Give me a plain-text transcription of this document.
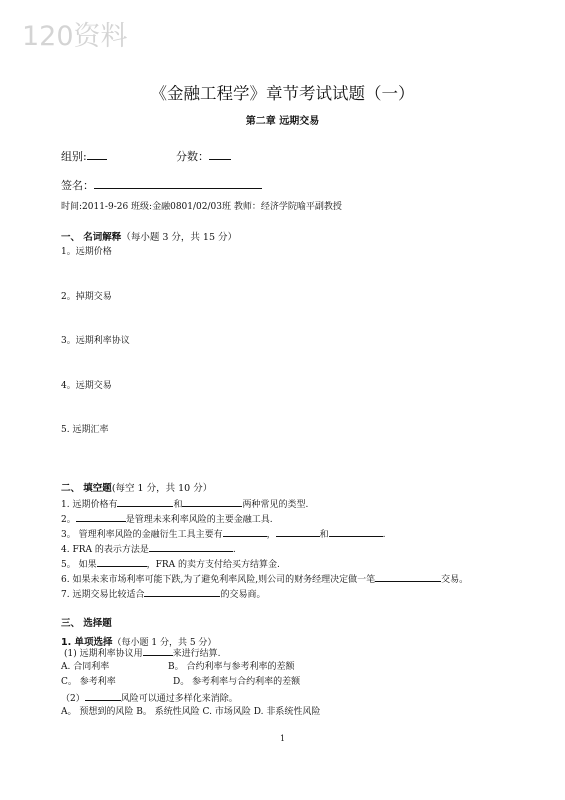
120资料
《金融工程学》章节考试试题（一）
第二章 远期交易
组别:	分数：
签名：
时间:2011-9-26 班级:金融0801/02/03班 教师：经济学院喻平副教授
一、 名词解释（每小题 3 分，共 15 分）
1。远期价格
2。掉期交易
3。远期利率协议
4。远期交易
5. 远期汇率
二、 填空题(每空 1 分，共 10 分）
1. 远期价格有	和	两种常见的类型.
2。	是管理未来利率风险的主要金融工具.
3。 管理利率风险的金融衍生工具主要有	，	和	.
4. FRA 的表示方法是	.
5。 如果	，FRA 的卖方支付给买方结算金.
6. 如果未来市场利率可能下跌,为了避免利率风险,则公司的财务经理决定做一笔	交易。
7. 远期交易比较适合	的交易商。
三、 选择题
1. 单项选择（每小题 1 分，共 5 分）
(1) 远期利率协议用	来进行结算.
A. 合同利率	B。 合约利率与参考利率的差额
C。 参考利率	D。 参考利率与合约利率的差额
（2）	风险可以通过多样化来消除。
A。 预想到的风险 B。 系统性风险 C. 市场风险 D. 非系统性风险
1
